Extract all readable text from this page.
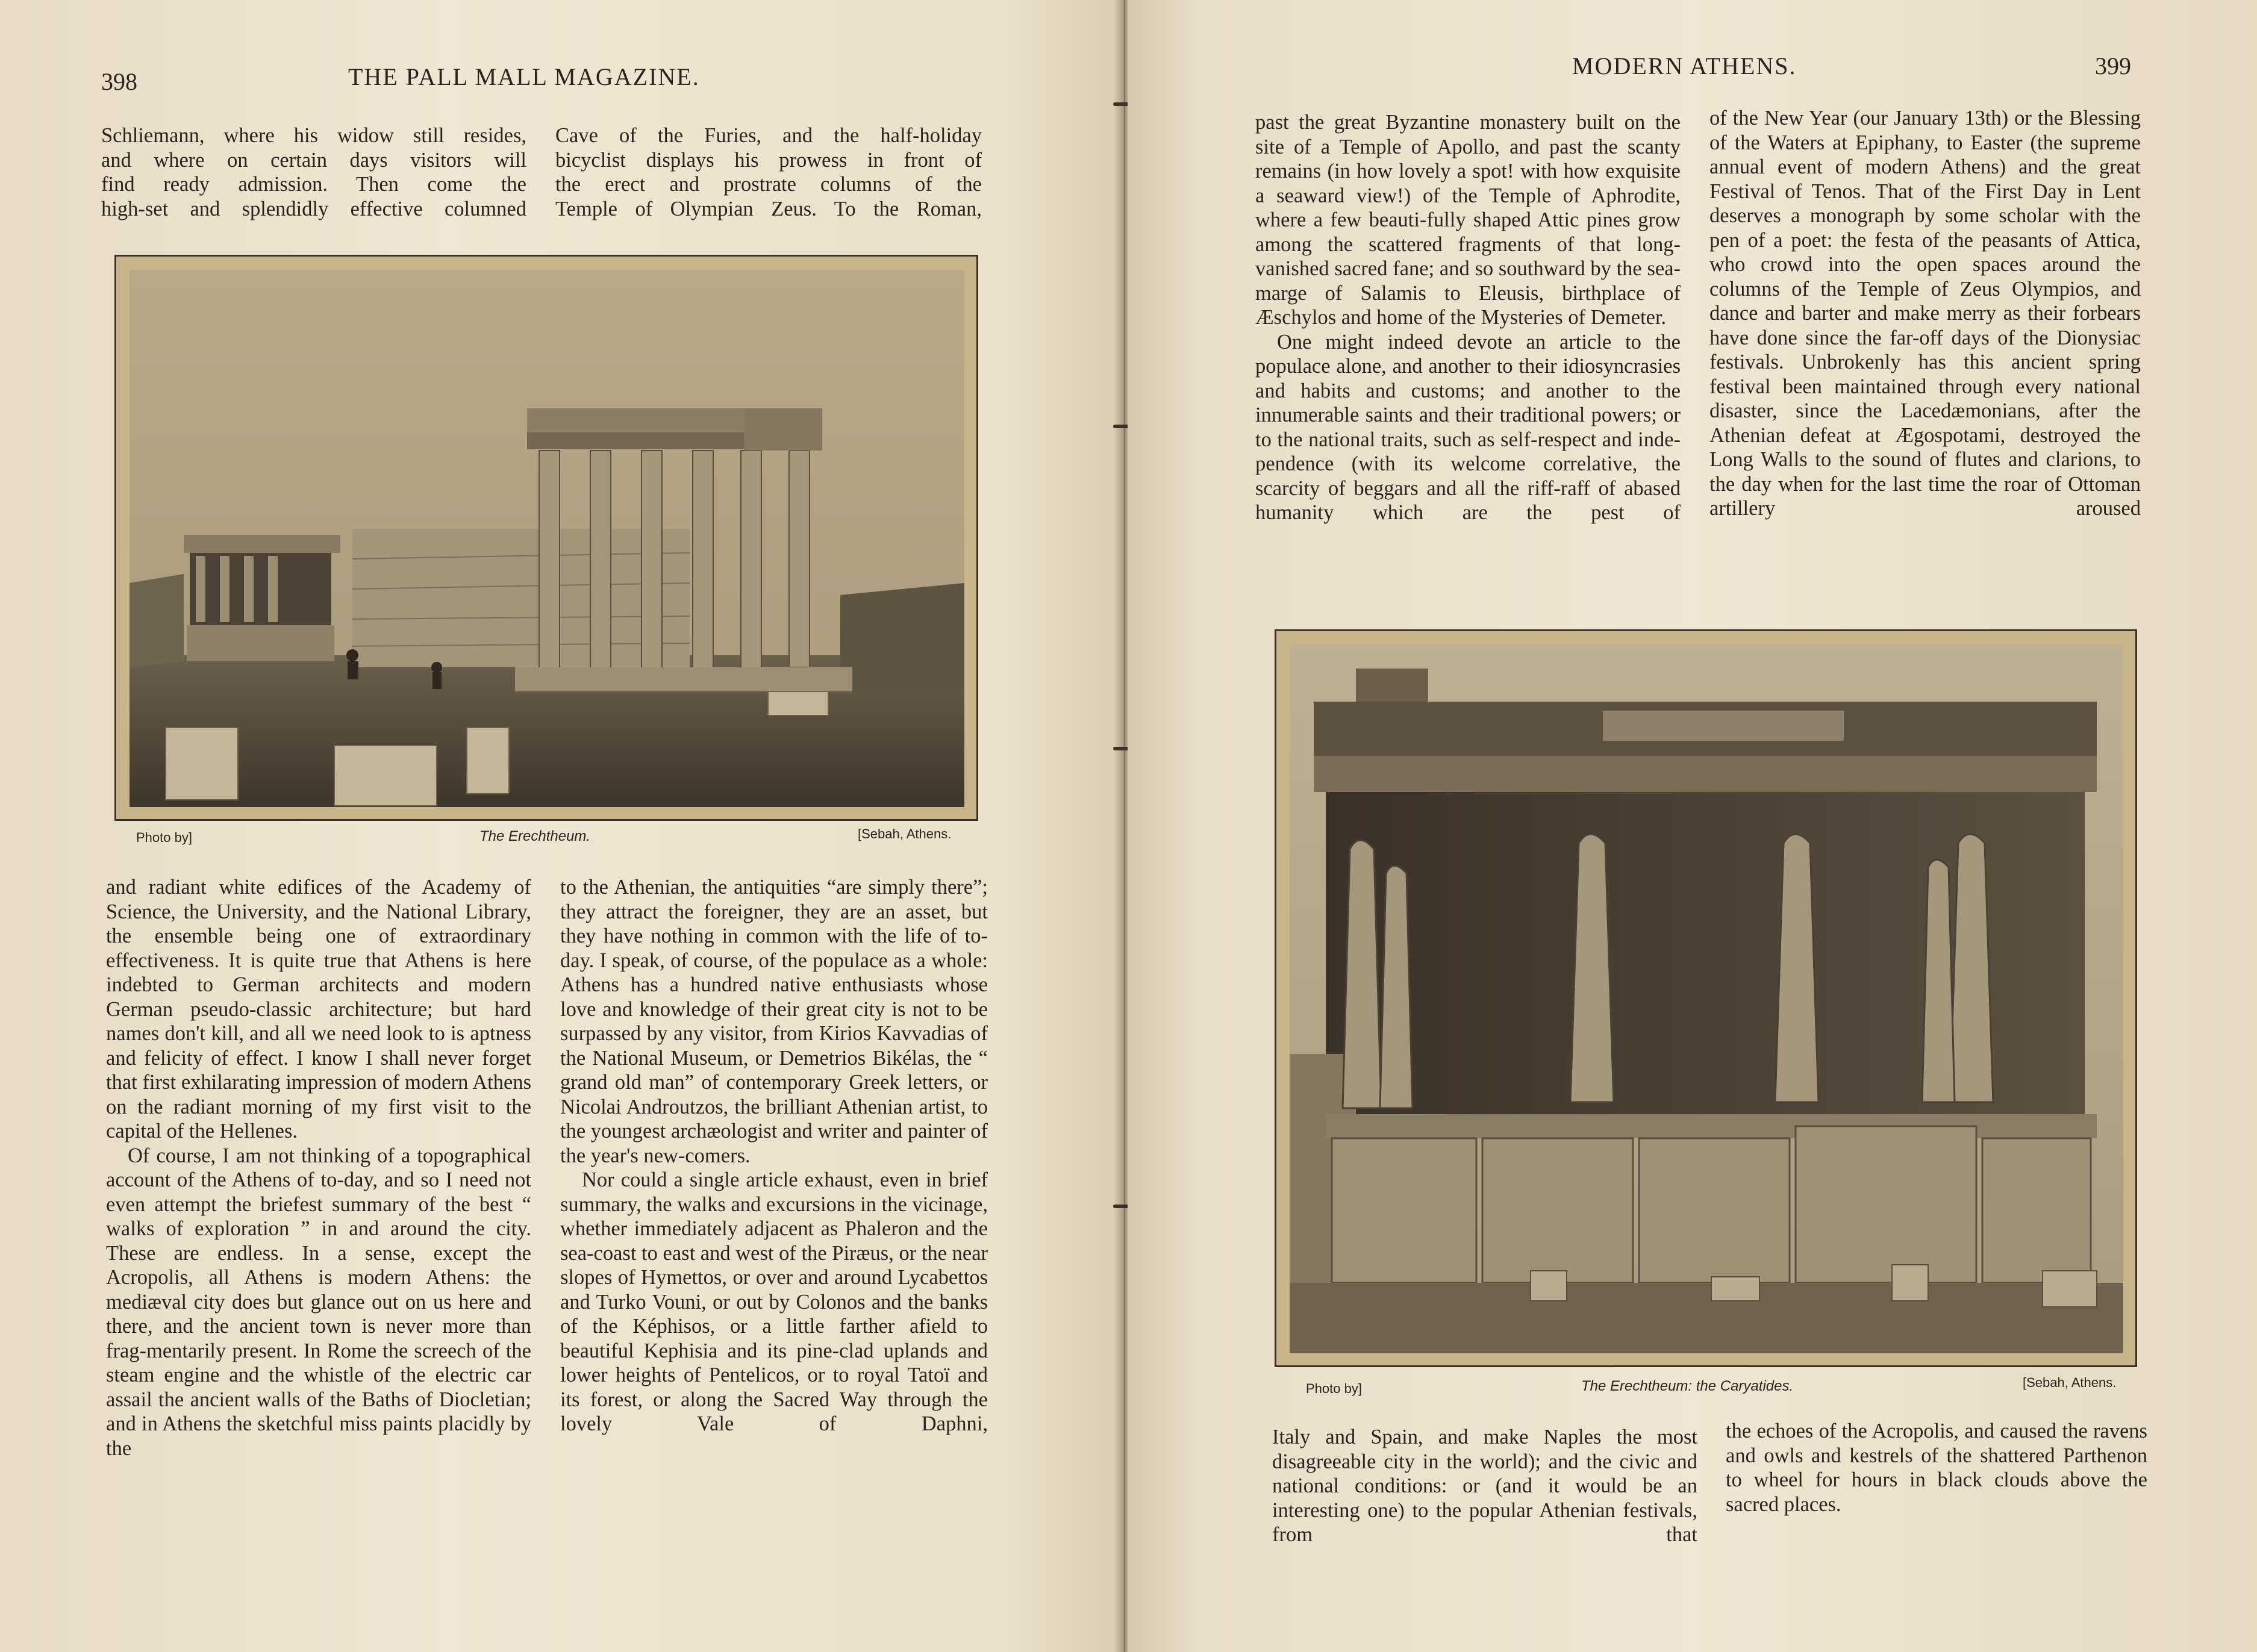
398	THE PALL MALL MAGAZINE.

Schliemann, where his widow still resides,

and where on certain days visitors will

find ready admission. Then come the

high-set and splendidly effective columned

Cave of the Furies, and the half-holiday

bicyclist displays his prowess in front of

the erect and prostrate columns of the

Temple of Olympian Zeus. To the Roman,

Photo by]	The Erechtheum.	[Sebah, Athens.

and radiant white edifices of the Academy of Science, the University, and the National Library, the ensemble being one of extraordinary effectiveness. It is quite true that Athens is here indebted to German architects and modern German pseudo-classic architecture; but hard names don't kill, and all we need look to is aptness and felicity of effect. I know I shall never forget that first exhilarating impression of modern Athens on the radiant morning of my first visit to the capital of the Hellenes.

Of course, I am not thinking of a topographical account of the Athens of to-day, and so I need not even attempt the briefest summary of the best “ walks of exploration ” in and around the city. These are endless. In a sense, except the Acropolis, all Athens is modern Athens: the mediæval city does but glance out on us here and there, and the ancient town is never more than frag-mentarily present. In Rome the screech of the steam engine and the whistle of the electric car assail the ancient walls of the Baths of Diocletian; and in Athens the sketchful miss paints placidly by the

to the Athenian, the antiquities “are simply there”; they attract the foreigner, they are an asset, but they have nothing in common with the life of to-day. I speak, of course, of the populace as a whole: Athens has a hundred native enthusiasts whose love and knowledge of their great city is not to be surpassed by any visitor, from Kirios Kavvadias of the National Museum, or Demetrios Bikélas, the “ grand old man” of contemporary Greek letters, or Nicolai Androutzos, the brilliant Athenian artist, to the youngest archæologist and writer and painter of the year's new-comers.

Nor could a single article exhaust, even in brief summary, the walks and excursions in the vicinage, whether immediately adjacent as Phaleron and the sea-coast to east and west of the Piræus, or the near slopes of Hymettos, or over and around Lycabettos and Turko Vouni, or out by Colonos and the banks of the Képhisos, or a little farther afield to beautiful Kephisia and its pine-clad uplands and lower heights of Pentelicos, or to royal Tatoï and its forest, or along the Sacred Way through the lovely Vale of Daphni,

MODERN ATHENS.	399

past the great Byzantine monastery built on the site of a Temple of Apollo, and past the scanty remains (in how lovely a spot! with how exquisite a seaward view!) of the Temple of Aphrodite, where a few beauti-fully shaped Attic pines grow among the scattered fragments of that long-vanished sacred fane; and so southward by the sea-marge of Salamis to Eleusis, birthplace of Æschylos and home of the Mysteries of Demeter.

One might indeed devote an article to the populace alone, and another to their idiosyncrasies and habits and customs; and another to the innumerable saints and their traditional powers; or to the national traits, such as self-respect and inde-pendence (with its welcome correlative, the scarcity of beggars and all the riff-raff of abased humanity which are the pest of

of the New Year (our January 13th) or the Blessing of the Waters at Epiphany, to Easter (the supreme annual event of modern Athens) and the great Festival of Tenos. That of the First Day in Lent deserves a monograph by some scholar with the pen of a poet: the festa of the peasants of Attica, who crowd into the open spaces around the columns of the Temple of Zeus Olympios, and dance and barter and make merry as their forbears have done since the far-off days of the Dionysiac festivals. Unbrokenly has this ancient spring festival been maintained through every national disaster, since the Lacedæmonians, after the Athenian defeat at Ægospotami, destroyed the Long Walls to the sound of flutes and clarions, to the day when for the last time the roar of Ottoman artillery aroused

Photo by]	The Erechtheum: the Caryatides.	[Sebah, Athens.

Italy and Spain, and make Naples the most disagreeable city in the world); and the civic and national conditions: or (and it would be an interesting one) to the popular Athenian festivals, from that

the echoes of the Acropolis, and caused the ravens and owls and kestrels of the shattered Parthenon to wheel for hours in black clouds above the sacred places.
